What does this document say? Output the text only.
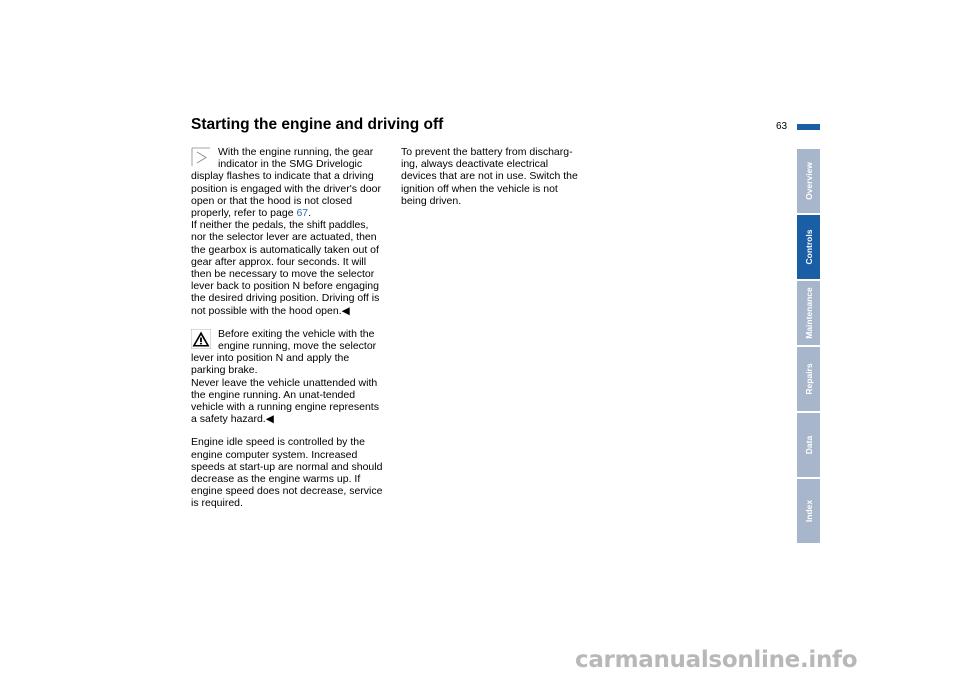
Starting the engine and driving off	63
With the engine running, the gear
indicator in the SMG Drivelogic

display flashes to indicate that a driving position is engaged with the driver's door open or that the hood is not closed properly, refer to page 67.
If neither the pedals, the shift paddles, nor the selector lever are actuated, then the gearbox is automatically taken out of gear after approx. four seconds. It will then be necessary to move the selector lever back to position N before engaging the desired driving position. Driving off is not possible with the hood open.◀

Before exiting the vehicle with the
engine running, move the selector

lever into position N and apply the parking brake.
Never leave the vehicle unattended with the engine running. An unat-tended vehicle with a running engine represents a safety hazard.◀

Engine idle speed is controlled by the engine computer system. Increased speeds at start-up are normal and should decrease as the engine warms up. If engine speed does not decrease, service is required.

To prevent the battery from discharg-ing, always deactivate electrical devices that are not in use. Switch the ignition off when the vehicle is not being driven.

Overview
Controls
Maintenance
Repairs
Data
Index
carmanualsonline.info
